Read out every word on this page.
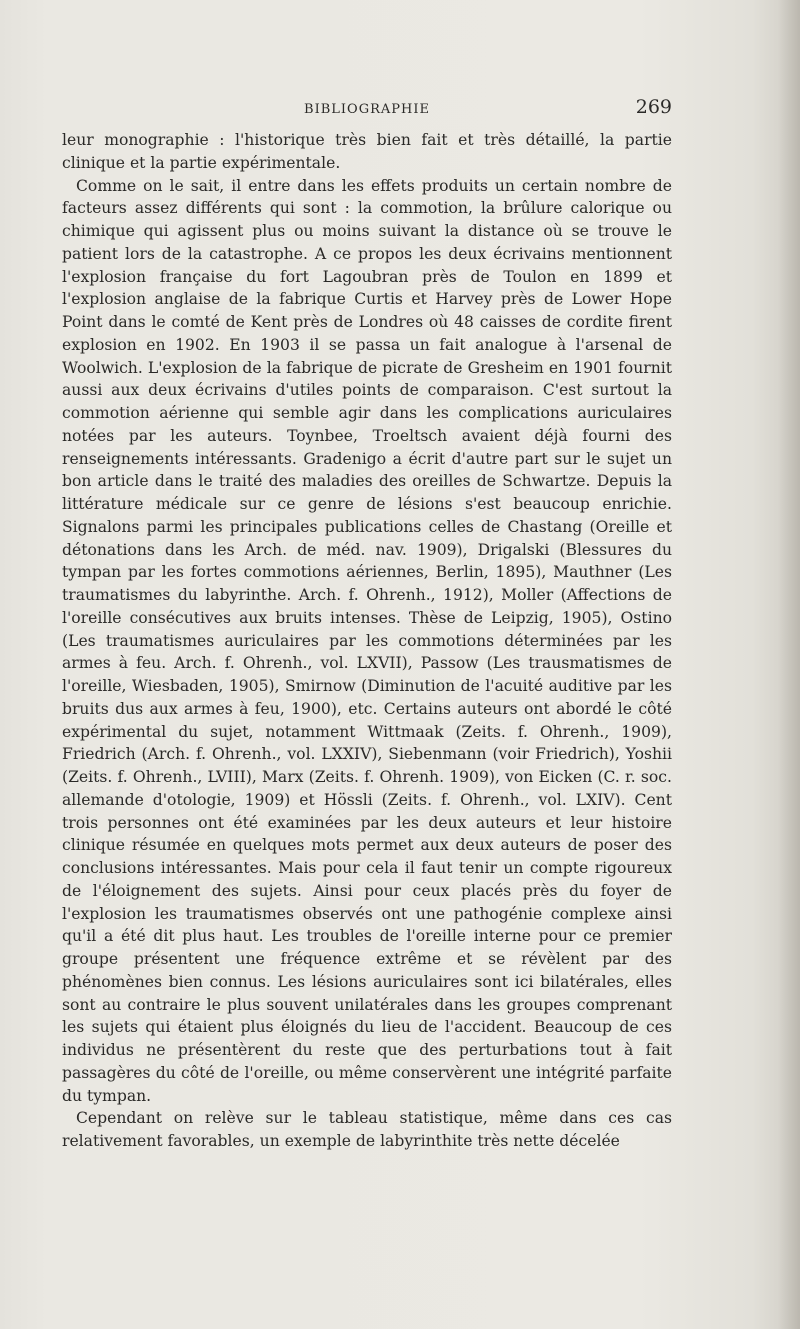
BIBLIOGRAPHIE	269

leur monographie : l'historique très bien fait et très détaillé, la partie clinique et la partie expérimentale.

Comme on le sait, il entre dans les effets produits un certain nombre de facteurs assez différents qui sont : la commotion, la brûlure calorique ou chimique qui agissent plus ou moins suivant la distance où se trouve le patient lors de la catastrophe. A ce propos les deux écrivains mentionnent l'explosion française du fort Lagoubran près de Toulon en 1899 et l'explosion anglaise de la fabrique Curtis et Harvey près de Lower Hope Point dans le comté de Kent près de Londres où 48 caisses de cordite firent explosion en 1902. En 1903 il se passa un fait analogue à l'arsenal de Woolwich. L'explosion de la fabrique de picrate de Gresheim en 1901 fournit aussi aux deux écrivains d'utiles points de comparaison. C'est surtout la commotion aérienne qui semble agir dans les complications auriculaires notées par les auteurs. Toynbee, Troeltsch avaient déjà fourni des renseignements intéressants. Gradenigo a écrit d'autre part sur le sujet un bon article dans le traité des maladies des oreilles de Schwartze. Depuis la littérature médicale sur ce genre de lésions s'est beaucoup enrichie. Signalons parmi les principales publications celles de Chastang (Oreille et détonations dans les Arch. de méd. nav. 1909), Drigalski (Blessures du tympan par les fortes commotions aériennes, Berlin, 1895), Mauthner (Les traumatismes du labyrinthe. Arch. f. Ohrenh., 1912), Moller (Affections de l'oreille consécutives aux bruits intenses. Thèse de Leipzig, 1905), Ostino (Les traumatismes auriculaires par les commotions déterminées par les armes à feu. Arch. f. Ohrenh., vol. LXVII), Passow (Les trausmatismes de l'oreille, Wiesbaden, 1905), Smirnow (Diminution de l'acuité auditive par les bruits dus aux armes à feu, 1900), etc. Certains auteurs ont abordé le côté expérimental du sujet, notamment Wittmaak (Zeits. f. Ohrenh., 1909), Friedrich (Arch. f. Ohrenh., vol. LXXIV), Siebenmann (voir Friedrich), Yoshii (Zeits. f. Ohrenh., LVIII), Marx (Zeits. f. Ohrenh. 1909), von Eicken (C. r. soc. allemande d'otologie, 1909) et Hössli (Zeits. f. Ohrenh., vol. LXIV). Cent trois personnes ont été examinées par les deux auteurs et leur histoire clinique résumée en quelques mots permet aux deux auteurs de poser des conclusions intéressantes. Mais pour cela il faut tenir un compte rigoureux de l'éloignement des sujets. Ainsi pour ceux placés près du foyer de l'explosion les traumatismes observés ont une pathogénie complexe ainsi qu'il a été dit plus haut. Les troubles de l'oreille interne pour ce premier groupe présentent une fréquence extrême et se révèlent par des phénomènes bien connus. Les lésions auriculaires sont ici bilatérales, elles sont au contraire le plus souvent unilatérales dans les groupes comprenant les sujets qui étaient plus éloignés du lieu de l'accident. Beaucoup de ces individus ne présentèrent du reste que des perturbations tout à fait passagères du côté de l'oreille, ou même conservèrent une intégrité parfaite du tympan.

Cependant on relève sur le tableau statistique, même dans ces cas relativement favorables, un exemple de labyrinthite très nette décelée
